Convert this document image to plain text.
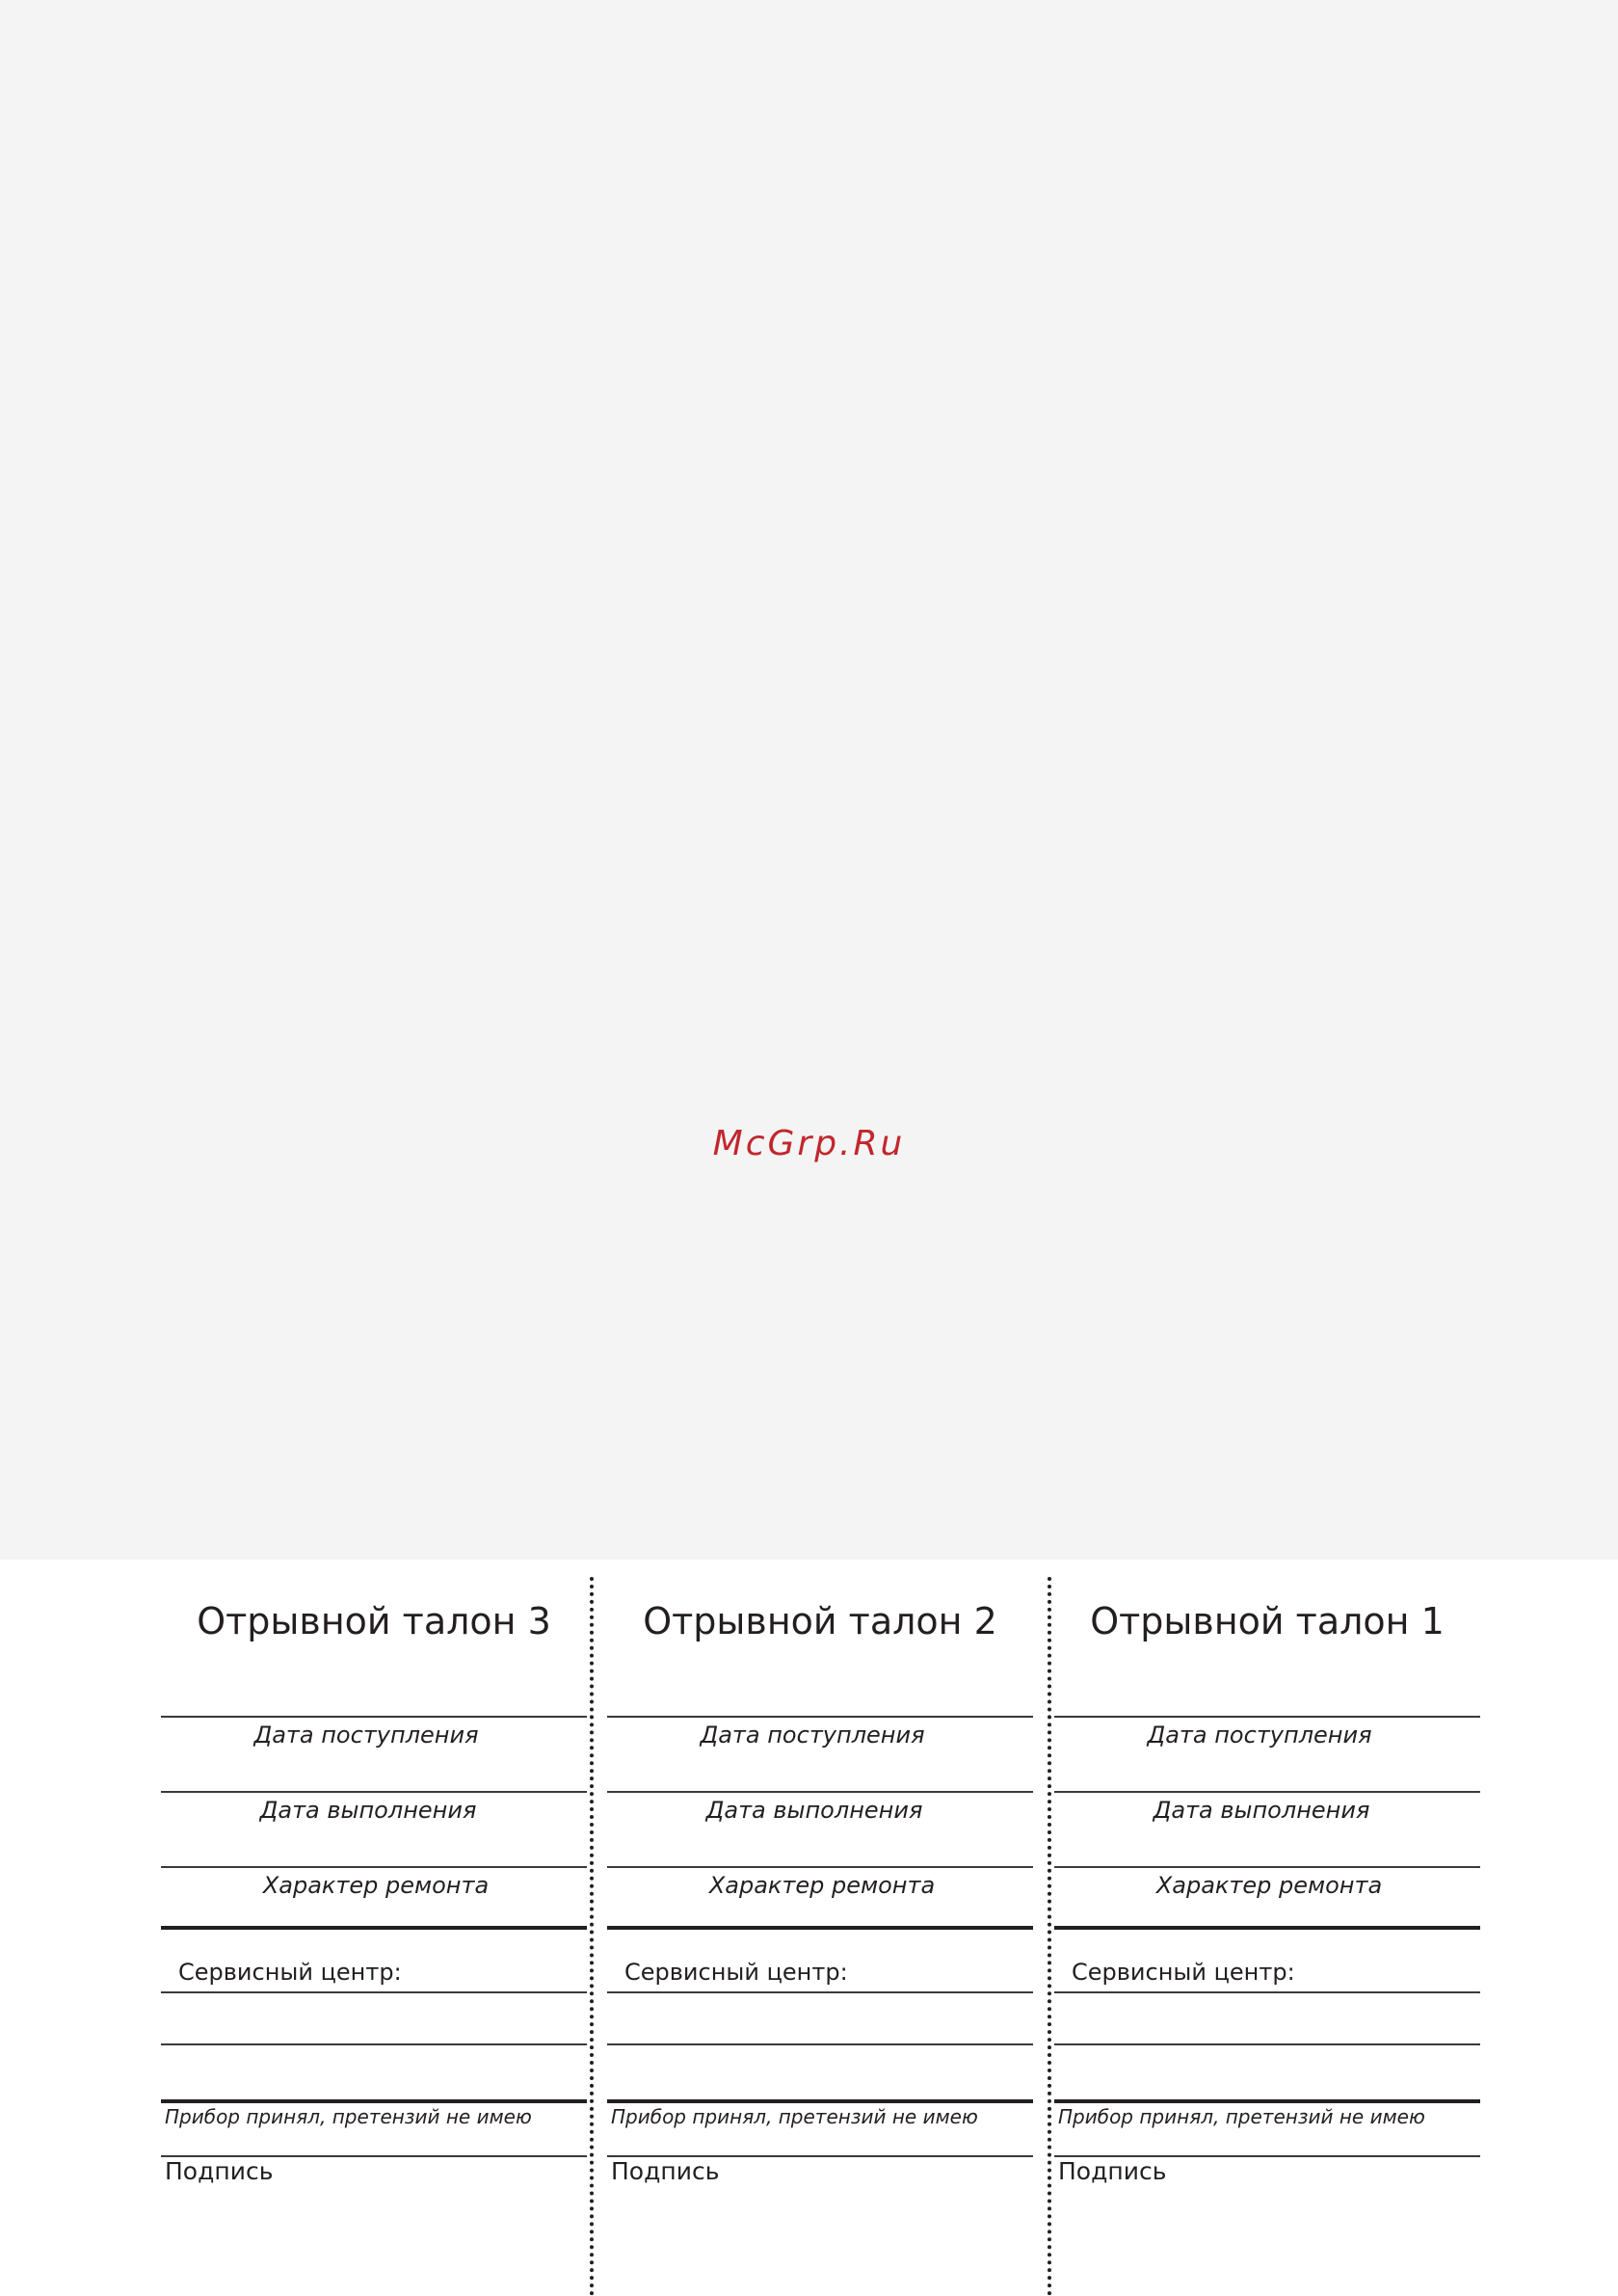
McGrp.Ru
Отрывной талон 3
Дата поступления
Дата выполнения
Характер ремонта
Сервисный центр:
Прибор принял, претензий не имею
Подпись
Отрывной талон 2
Дата поступления
Дата выполнения
Характер ремонта
Сервисный центр:
Прибор принял, претензий не имею
Подпись
Отрывной талон 1
Дата поступления
Дата выполнения
Характер ремонта
Сервисный центр:
Прибор принял, претензий не имею
Подпись
